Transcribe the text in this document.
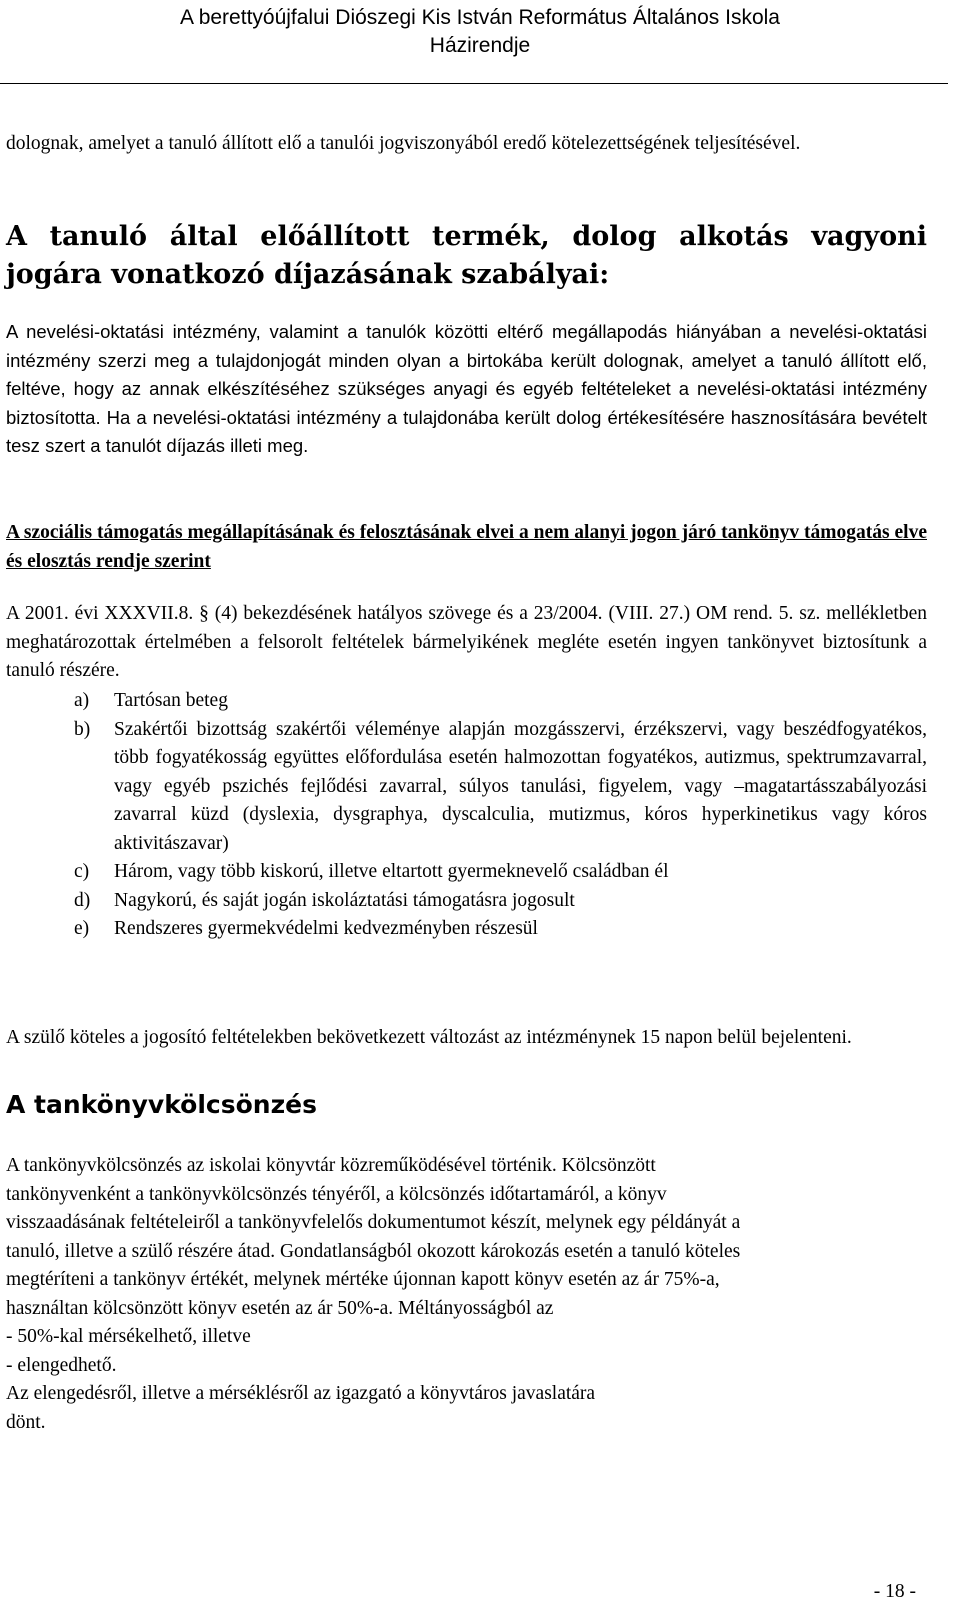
A berettyóújfalui Diószegi Kis István Református Általános Iskola
Házirendje

dolognak, amelyet a tanuló állított elő a tanulói jogviszonyából eredő kötelezettségének teljesítésével.

A tanuló által előállított termék, dolog alkotás vagyoni jogára vonatkozó díjazásának szabályai:

A nevelési-oktatási intézmény, valamint a tanulók közötti eltérő megállapodás hiányában a nevelési-oktatási intézmény szerzi meg a tulajdonjogát minden olyan a birtokába került dolognak, amelyet a tanuló állított elő, feltéve, hogy az annak elkészítéséhez szükséges anyagi és egyéb feltételeket a nevelési-oktatási intézmény biztosította. Ha a nevelési-oktatási intézmény a tulajdonába került dolog értékesítésére hasznosítására bevételt tesz szert a tanulót díjazás illeti meg.

A szociális támogatás megállapításának és felosztásának elvei a nem alanyi jogon járó tankönyv támogatás elve és elosztás rendje szerint

A 2001. évi XXXVII.8. § (4) bekezdésének hatályos szövege és a 23/2004. (VIII. 27.) OM rend. 5. sz. mellékletben meghatározottak értelmében a felsorolt feltételek bármelyikének megléte esetén ingyen tankönyvet biztosítunk a tanuló részére.

a) Tartósan beteg
b) Szakértői bizottság szakértői véleménye alapján mozgásszervi, érzékszervi, vagy beszédfogyatékos, több fogyatékosság együttes előfordulása esetén halmozottan fogyatékos, autizmus, spektrumzavarral, vagy egyéb pszichés fejlődési zavarral, súlyos tanulási, figyelem, vagy –magatartásszabályozási zavarral küzd (dyslexia, dysgraphya, dyscalculia, mutizmus, kóros hyperkinetikus vagy kóros aktivitászavar)
c) Három, vagy több kiskorú, illetve eltartott gyermeknevelő családban él
d) Nagykorú, és saját jogán iskoláztatási támogatásra jogosult
e) Rendszeres gyermekvédelmi kedvezményben részesül

A szülő köteles a jogosító feltételekben bekövetkezett változást az intézménynek 15 napon belül bejelenteni.

A tankönyvkölcsönzés
A tankönyvkölcsönzés az iskolai könyvtár közreműködésével történik. Kölcsönzött
tankönyvenként a tankönyvkölcsönzés tényéről, a kölcsönzés időtartamáról, a könyv
visszaadásának feltételeiről a tankönyvfelelős dokumentumot készít, melynek egy példányát a
tanuló, illetve a szülő részére átad. Gondatlanságból okozott károkozás esetén a tanuló köteles
megtéríteni a tankönyv értékét, melynek mértéke újonnan kapott könyv esetén az ár 75%-a,
használtan kölcsönzött könyv esetén az ár 50%-a. Méltányosságból az
- 50%-kal mérsékelhető, illetve
- elengedhető.
Az elengedésről, illetve a mérséklésről az igazgató a könyvtáros javaslatára
dönt.
- 18 -
